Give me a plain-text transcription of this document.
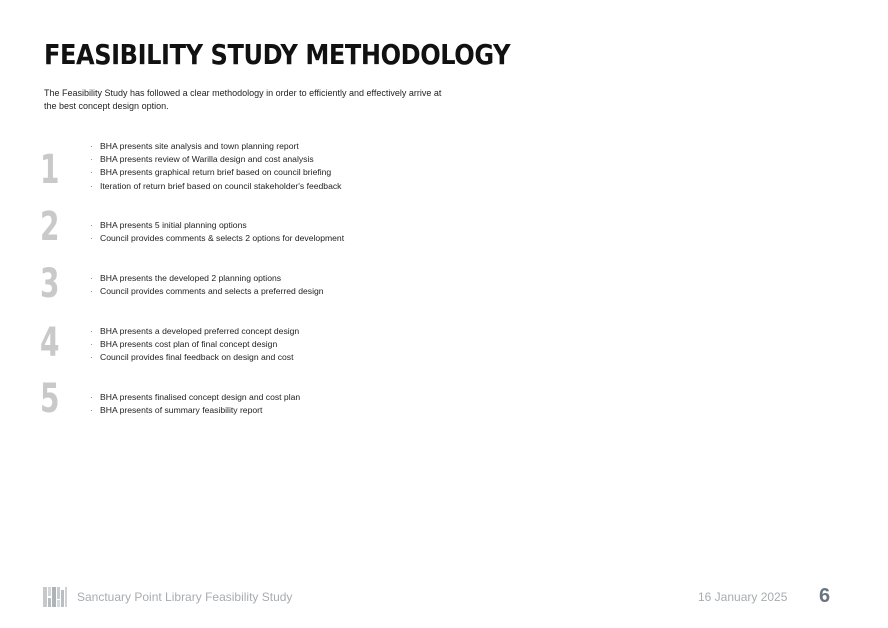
FEASIBILITY STUDY METHODOLOGY

The Feasibility Study has followed a clear methodology in order to efficiently and effectively arrive at the best concept design option.

1
· BHA presents site analysis and town planning report
· BHA presents review of Warilla design and cost analysis
· BHA presents graphical return brief based on council briefing
· Iteration of return brief based on council stakeholder's feedback
2	· BHA presents 5 initial planning options
· Council provides comments & selects 2 options for development
3	· BHA presents the developed 2 planning options
· Council provides comments and selects a preferred design
4	· BHA presents a developed preferred concept design
· BHA presents cost plan of final concept design
· Council provides final feedback on design and cost
5	· BHA presents finalised concept design and cost plan
· BHA presents of summary feasibility report
Sanctuary Point Library Feasibility Study	16 January 2025 6
